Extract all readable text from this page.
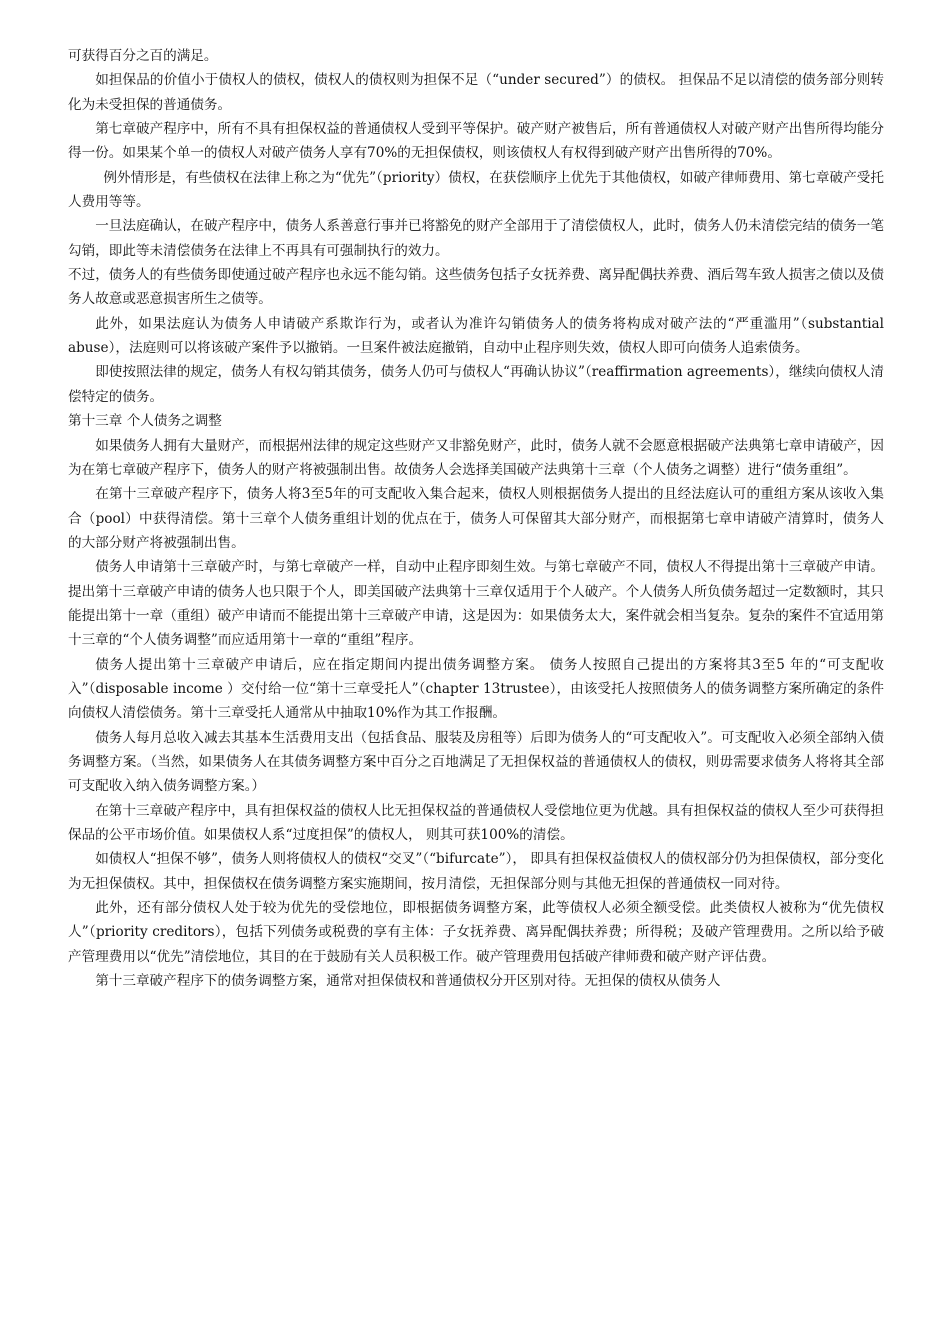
可获得百分之百的满足。

如担保品的价值小于债权人的债权，债权人的债权则为担保不足（“under secured”）的债权。 担保品不足以清偿的债务部分则转化为未受担保的普通债务。

第七章破产程序中，所有不具有担保权益的普通债权人受到平等保护。破产财产被售后，所有普通债权人对破产财产出售所得均能分得一份。如果某个单一的债权人对破产债务人享有70%的无担保债权，则该债权人有权得到破产财产出售所得的70%。

例外情形是，有些债权在法律上称之为“优先”（priority）债权，在获偿顺序上优先于其他债权，如破产律师费用、第七章破产受托人费用等等。

一旦法庭确认，在破产程序中，债务人系善意行事并已将豁免的财产全部用于了清偿债权人，此时，债务人仍未清偿完结的债务一笔勾销，即此等未清偿债务在法律上不再具有可强制执行的效力。

不过，债务人的有些债务即使通过破产程序也永远不能勾销。这些债务包括子女抚养费、离异配偶扶养费、酒后驾车致人损害之债以及债务人故意或恶意损害所生之债等。

此外，如果法庭认为债务人申请破产系欺诈行为，或者认为准许勾销债务人的债务将构成对破产法的“严重滥用”（substantial abuse），法庭则可以将该破产案件予以撤销。一旦案件被法庭撤销，自动中止程序则失效，债权人即可向债务人追索债务。

即使按照法律的规定，债务人有权勾销其债务，债务人仍可与债权人“再确认协议”（reaffirmation agreements），继续向债权人清偿特定的债务。

第十三章 个人债务之调整

如果债务人拥有大量财产，而根据州法律的规定这些财产又非豁免财产，此时，债务人就不会愿意根据破产法典第七章申请破产，因为在第七章破产程序下，债务人的财产将被强制出售。故债务人会选择美国破产法典第十三章（个人债务之调整）进行“债务重组”。

在第十三章破产程序下，债务人将3至5年的可支配收入集合起来，债权人则根据债务人提出的且经法庭认可的重组方案从该收入集合（pool）中获得清偿。第十三章个人债务重组计划的优点在于，债务人可保留其大部分财产，而根据第七章申请破产清算时，债务人的大部分财产将被强制出售。

债务人申请第十三章破产时，与第七章破产一样，自动中止程序即刻生效。与第七章破产不同，债权人不得提出第十三章破产申请。提出第十三章破产申请的债务人也只限于个人，即美国破产法典第十三章仅适用于个人破产。个人债务人所负债务超过一定数额时，其只能提出第十一章（重组）破产申请而不能提出第十三章破产申请，这是因为：如果债务太大，案件就会相当复杂。复杂的案件不宜适用第十三章的“个人债务调整”而应适用第十一章的“重组”程序。

债务人提出第十三章破产申请后，应在指定期间内提出债务调整方案。 债务人按照自己提出的方案将其3至5 年的“可支配收入”（disposable income ）交付给一位“第十三章受托人”（chapter 13trustee），由该受托人按照债务人的债务调整方案所确定的条件向债权人清偿债务。第十三章受托人通常从中抽取10%作为其工作报酬。

债务人每月总收入减去其基本生活费用支出（包括食品、服装及房租等）后即为债务人的“可支配收入”。可支配收入必须全部纳入债务调整方案。（当然，如果债务人在其债务调整方案中百分之百地满足了无担保权益的普通债权人的债权，则毋需要求债务人将将其全部可支配收入纳入债务调整方案。）

在第十三章破产程序中，具有担保权益的债权人比无担保权益的普通债权人受偿地位更为优越。具有担保权益的债权人至少可获得担保品的公平市场价值。如果债权人系“过度担保”的债权人， 则其可获100%的清偿。

如债权人“担保不够”，债务人则将债权人的债权“交叉”（“bifurcate”）， 即具有担保权益债权人的债权部分仍为担保债权，部分变化为无担保债权。其中，担保债权在债务调整方案实施期间，按月清偿，无担保部分则与其他无担保的普通债权一同对待。

此外，还有部分债权人处于较为优先的受偿地位，即根据债务调整方案，此等债权人必须全额受偿。此类债权人被称为“优先债权人”（priority creditors），包括下列债务或税费的享有主体：子女抚养费、离异配偶扶养费；所得税；及破产管理费用。之所以给予破产管理费用以“优先”清偿地位，其目的在于鼓励有关人员积极工作。破产管理费用包括破产律师费和破产财产评估费。

第十三章破产程序下的债务调整方案，通常对担保债权和普通债权分开区别对待。无担保的债权从债务人
